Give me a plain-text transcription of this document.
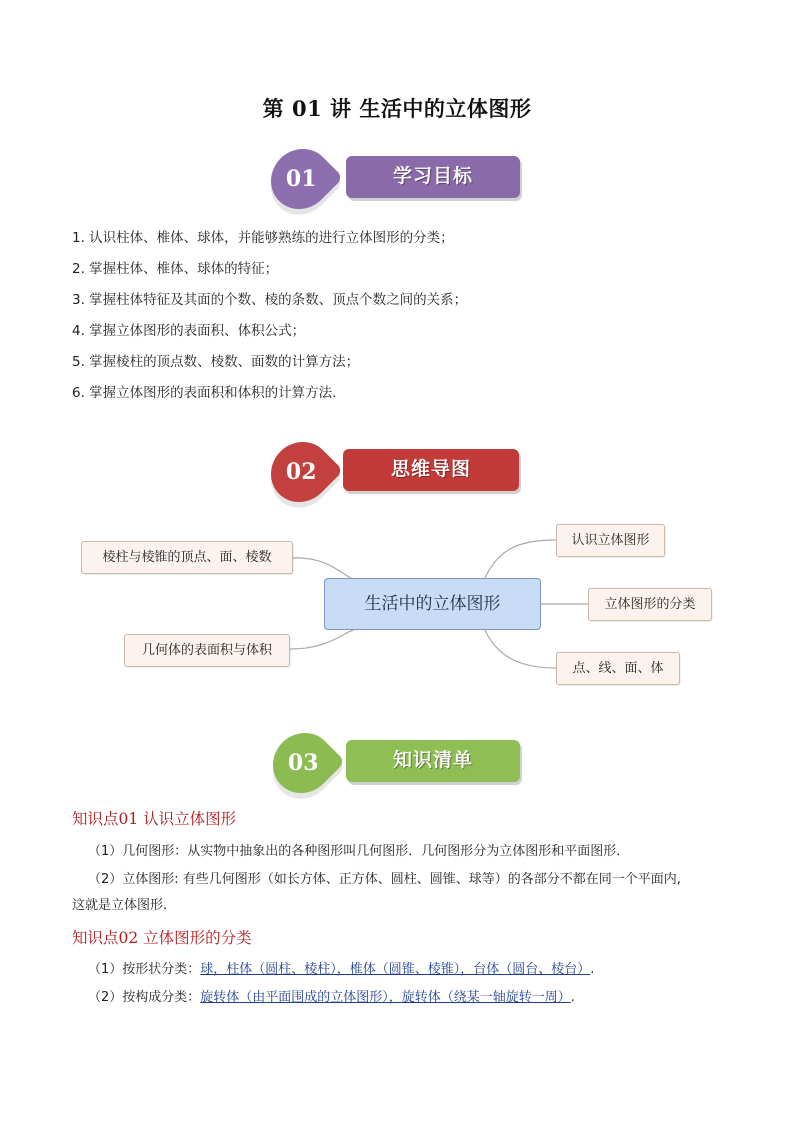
第 01 讲 生活中的立体图形
01	学习目标
1. 认识柱体、椎体、球体，并能够熟练的进行立体图形的分类；
2. 掌握柱体、椎体、球体的特征；
3. 掌握柱体特征及其面的个数、棱的条数、顶点个数之间的关系；
4. 掌握立体图形的表面积、体积公式；
5. 掌握棱柱的顶点数、棱数、面数的计算方法；
6. 掌握立体图形的表面积和体积的计算方法.
02	思维导图
生活中的立体图形
棱柱与棱锥的顶点、面、棱数
几何体的表面积与体积
认识立体图形
立体图形的分类
点、线、面、体
03	知识清单
知识点01 认识立体图形
（1）几何图形：从实物中抽象出的各种图形叫几何图形．几何图形分为立体图形和平面图形．
（2）立体图形: 有些几何图形（如长方体、正方体、圆柱、圆锥、球等）的各部分不都在同一个平面内,
这就是立体图形．
知识点02 立体图形的分类
（1）按形状分类：球，柱体（圆柱、棱柱），椎体（圆锥、棱锥），台体（圆台、棱台）.
（2）按构成分类：旋转体（由平面围成的立体图形），旋转体（绕某一轴旋转一周）.
